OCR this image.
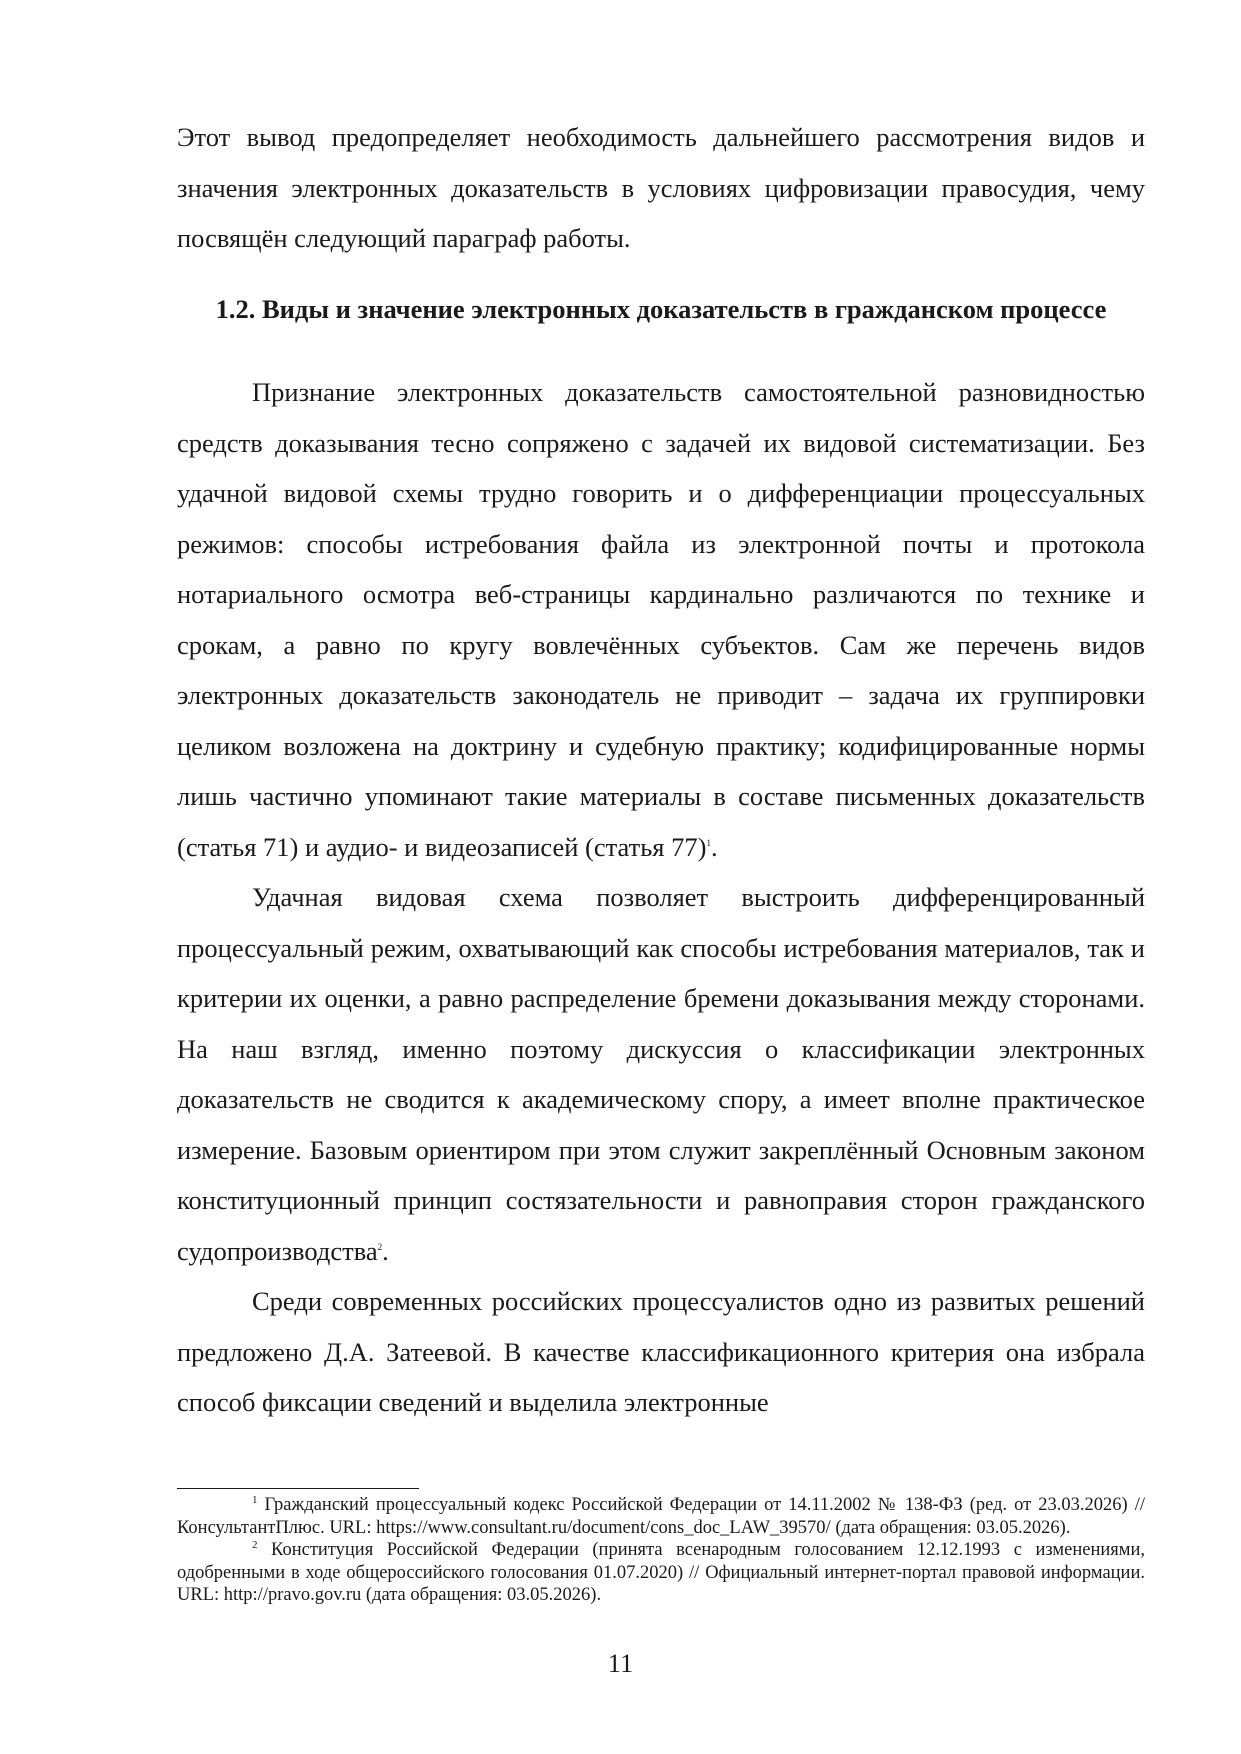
Этот вывод предопределяет необходимость дальнейшего рассмотрения видов и значения электронных доказательств в условиях цифровизации правосудия, чему посвящён следующий параграф работы.
1.2. Виды и значение электронных доказательств в гражданском процессе

Признание электронных доказательств самостоятельной разновидностью средств доказывания тесно сопряжено с задачей их видовой систематизации. Без удачной видовой схемы трудно говорить и о дифференциации процессуальных режимов: способы истребования файла из электронной почты и протокола нотариального осмотра веб-страницы кардинально различаются по технике и срокам, а равно по кругу вовлечённых субъектов. Сам же перечень видов электронных доказательств законодатель не приводит – задача их группировки целиком возложена на доктрину и судебную практику; кодифицированные нормы лишь частично упоминают такие материалы в составе письменных доказательств (статья 71) и аудио- и видеозаписей (статья 77)$^1$.

Удачная видовая схема позволяет выстроить дифференцированный процессуальный режим, охватывающий как способы истребования материалов, так и критерии их оценки, а равно распределение бремени доказывания между сторонами. На наш взгляд, именно поэтому дискуссия о классификации электронных доказательств не сводится к академическому спору, а имеет вполне практическое измерение. Базовым ориентиром при этом служит закреплённый Основным законом конституционный принцип состязательности и равноправия сторон гражданского судопроизводства$^2$.

Среди современных российских процессуалистов одно из развитых решений предложено Д.А. Затеевой. В качестве классификационного критерия она избрала способ фиксации сведений и выделила электронные

$^1$ Гражданский процессуальный кодекс Российской Федерации от 14.11.2002 № 138-ФЗ (ред. от 23.03.2026) // КонсультантПлюс. URL: https://www.consultant.ru/document/cons_doc_LAW_39570/ (дата обращения: 03.05.2026).

$^2$ Конституция Российской Федерации (принята всенародным голосованием 12.12.1993 с изменениями, одобренными в ходе общероссийского голосования 01.07.2020) // Официальный интернет-портал правовой информации. URL: http://pravo.gov.ru (дата обращения: 03.05.2026).

11
